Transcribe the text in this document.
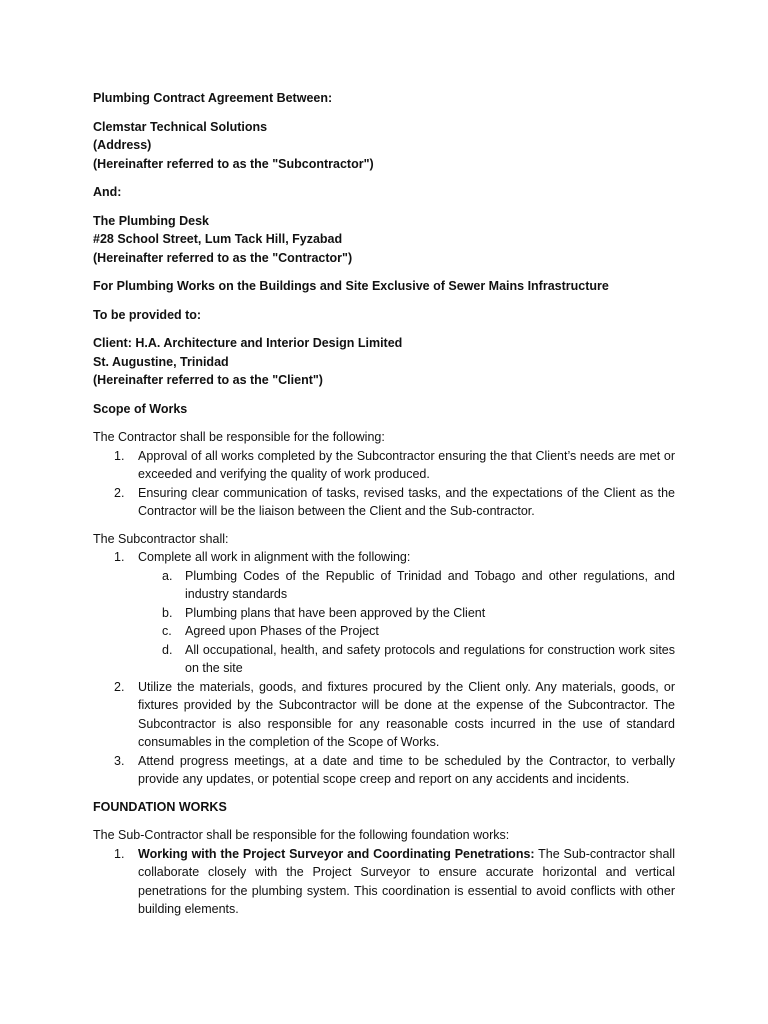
Plumbing Contract Agreement Between:
Clemstar Technical Solutions
(Address)
(Hereinafter referred to as the "Subcontractor")
And:
The Plumbing Desk
#28 School Street, Lum Tack Hill, Fyzabad
(Hereinafter referred to as the "Contractor")
For Plumbing Works on the Buildings and Site Exclusive of Sewer Mains Infrastructure
To be provided to:
Client: H.A. Architecture and Interior Design Limited
St. Augustine, Trinidad
(Hereinafter referred to as the "Client")
Scope of Works
The Contractor shall be responsible for the following:
1. Approval of all works completed by the Subcontractor ensuring the that Client’s needs are met or exceeded and verifying the quality of work produced.
2. Ensuring clear communication of tasks, revised tasks, and the expectations of the Client as the Contractor will be the liaison between the Client and the Sub-contractor.
The Subcontractor shall:
1. Complete all work in alignment with the following:
a. Plumbing Codes of the Republic of Trinidad and Tobago and other regulations, and industry standards
b. Plumbing plans that have been approved by the Client
c. Agreed upon Phases of the Project
d. All occupational, health, and safety protocols and regulations for construction work sites on the site
2. Utilize the materials, goods, and fixtures procured by the Client only. Any materials, goods, or fixtures provided by the Subcontractor will be done at the expense of the Subcontractor. The Subcontractor is also responsible for any reasonable costs incurred in the use of standard consumables in the completion of the Scope of Works.
3. Attend progress meetings, at a date and time to be scheduled by the Contractor, to verbally provide any updates, or potential scope creep and report on any accidents and incidents.
FOUNDATION WORKS
The Sub-Contractor shall be responsible for the following foundation works:
1. Working with the Project Surveyor and Coordinating Penetrations: The Sub-contractor shall collaborate closely with the Project Surveyor to ensure accurate horizontal and vertical penetrations for the plumbing system. This coordination is essential to avoid conflicts with other building elements.
